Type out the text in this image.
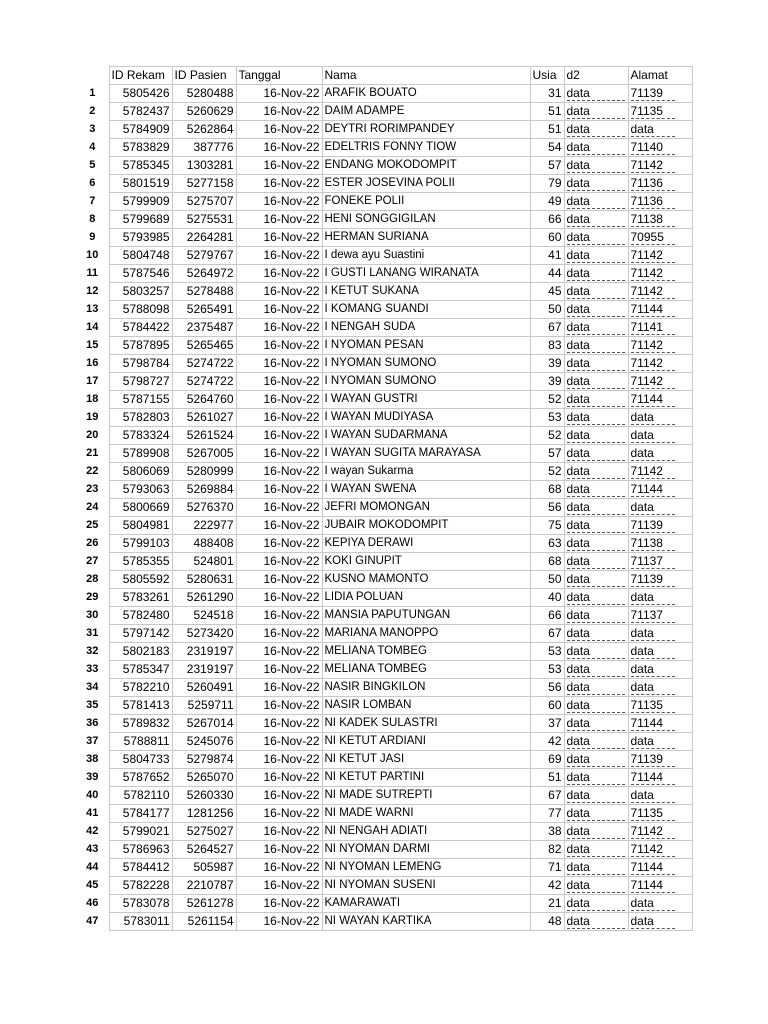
	ID Rekam	ID Pasien	Tanggal	Nama	Usia	d2	Alamat
1	5805426	5280488	16-Nov-22	ARAFIK BOUATO	31	data	71139
2	5782437	5260629	16-Nov-22	DAIM ADAMPE	51	data	71135
3	5784909	5262864	16-Nov-22	DEYTRI RORIMPANDEY	51	data	data
4	5783829	387776	16-Nov-22	EDELTRIS FONNY TIOW	54	data	71140
5	5785345	1303281	16-Nov-22	ENDANG MOKODOMPIT	57	data	71142
6	5801519	5277158	16-Nov-22	ESTER JOSEVINA POLII	79	data	71136
7	5799909	5275707	16-Nov-22	FONEKE POLII	49	data	71136
8	5799689	5275531	16-Nov-22	HENI SONGGIGILAN	66	data	71138
9	5793985	2264281	16-Nov-22	HERMAN SURIANA	60	data	70955
10	5804748	5279767	16-Nov-22	I dewa ayu Suastini	41	data	71142
11	5787546	5264972	16-Nov-22	I GUSTI LANANG WIRANATA	44	data	71142
12	5803257	5278488	16-Nov-22	I KETUT SUKANA	45	data	71142
13	5788098	5265491	16-Nov-22	I KOMANG SUANDI	50	data	71144
14	5784422	2375487	16-Nov-22	I NENGAH SUDA	67	data	71141
15	5787895	5265465	16-Nov-22	I NYOMAN PESAN	83	data	71142
16	5798784	5274722	16-Nov-22	I NYOMAN SUMONO	39	data	71142
17	5798727	5274722	16-Nov-22	I NYOMAN SUMONO	39	data	71142
18	5787155	5264760	16-Nov-22	I WAYAN GUSTRI	52	data	71144
19	5782803	5261027	16-Nov-22	I WAYAN MUDIYASA	53	data	data
20	5783324	5261524	16-Nov-22	I WAYAN SUDARMANA	52	data	data
21	5789908	5267005	16-Nov-22	I WAYAN SUGITA MARAYASA	57	data	data
22	5806069	5280999	16-Nov-22	I wayan Sukarma	52	data	71142
23	5793063	5269884	16-Nov-22	I WAYAN SWENA	68	data	71144
24	5800669	5276370	16-Nov-22	JEFRI MOMONGAN	56	data	data
25	5804981	222977	16-Nov-22	JUBAIR MOKODOMPIT	75	data	71139
26	5799103	488408	16-Nov-22	KEPIYA DERAWI	63	data	71138
27	5785355	524801	16-Nov-22	KOKI GINUPIT	68	data	71137
28	5805592	5280631	16-Nov-22	KUSNO MAMONTO	50	data	71139
29	5783261	5261290	16-Nov-22	LIDIA POLUAN	40	data	data
30	5782480	524518	16-Nov-22	MANSIA PAPUTUNGAN	66	data	71137
31	5797142	5273420	16-Nov-22	MARIANA MANOPPO	67	data	data
32	5802183	2319197	16-Nov-22	MELIANA TOMBEG	53	data	data
33	5785347	2319197	16-Nov-22	MELIANA TOMBEG	53	data	data
34	5782210	5260491	16-Nov-22	NASIR BINGKILON	56	data	data
35	5781413	5259711	16-Nov-22	NASIR LOMBAN	60	data	71135
36	5789832	5267014	16-Nov-22	NI KADEK SULASTRI	37	data	71144
37	5788811	5245076	16-Nov-22	NI KETUT ARDIANI	42	data	data
38	5804733	5279874	16-Nov-22	NI KETUT JASI	69	data	71139
39	5787652	5265070	16-Nov-22	NI KETUT PARTINI	51	data	71144
40	5782110	5260330	16-Nov-22	NI MADE SUTREPTI	67	data	data
41	5784177	1281256	16-Nov-22	NI MADE WARNI	77	data	71135
42	5799021	5275027	16-Nov-22	NI NENGAH ADIATI	38	data	71142
43	5786963	5264527	16-Nov-22	NI NYOMAN DARMI	82	data	71142
44	5784412	505987	16-Nov-22	NI NYOMAN LEMENG	71	data	71144
45	5782228	2210787	16-Nov-22	NI NYOMAN SUSENI	42	data	71144
46	5783078	5261278	16-Nov-22	KAMARAWATI	21	data	data
47	5783011	5261154	16-Nov-22	NI WAYAN KARTIKA	48	data	data
